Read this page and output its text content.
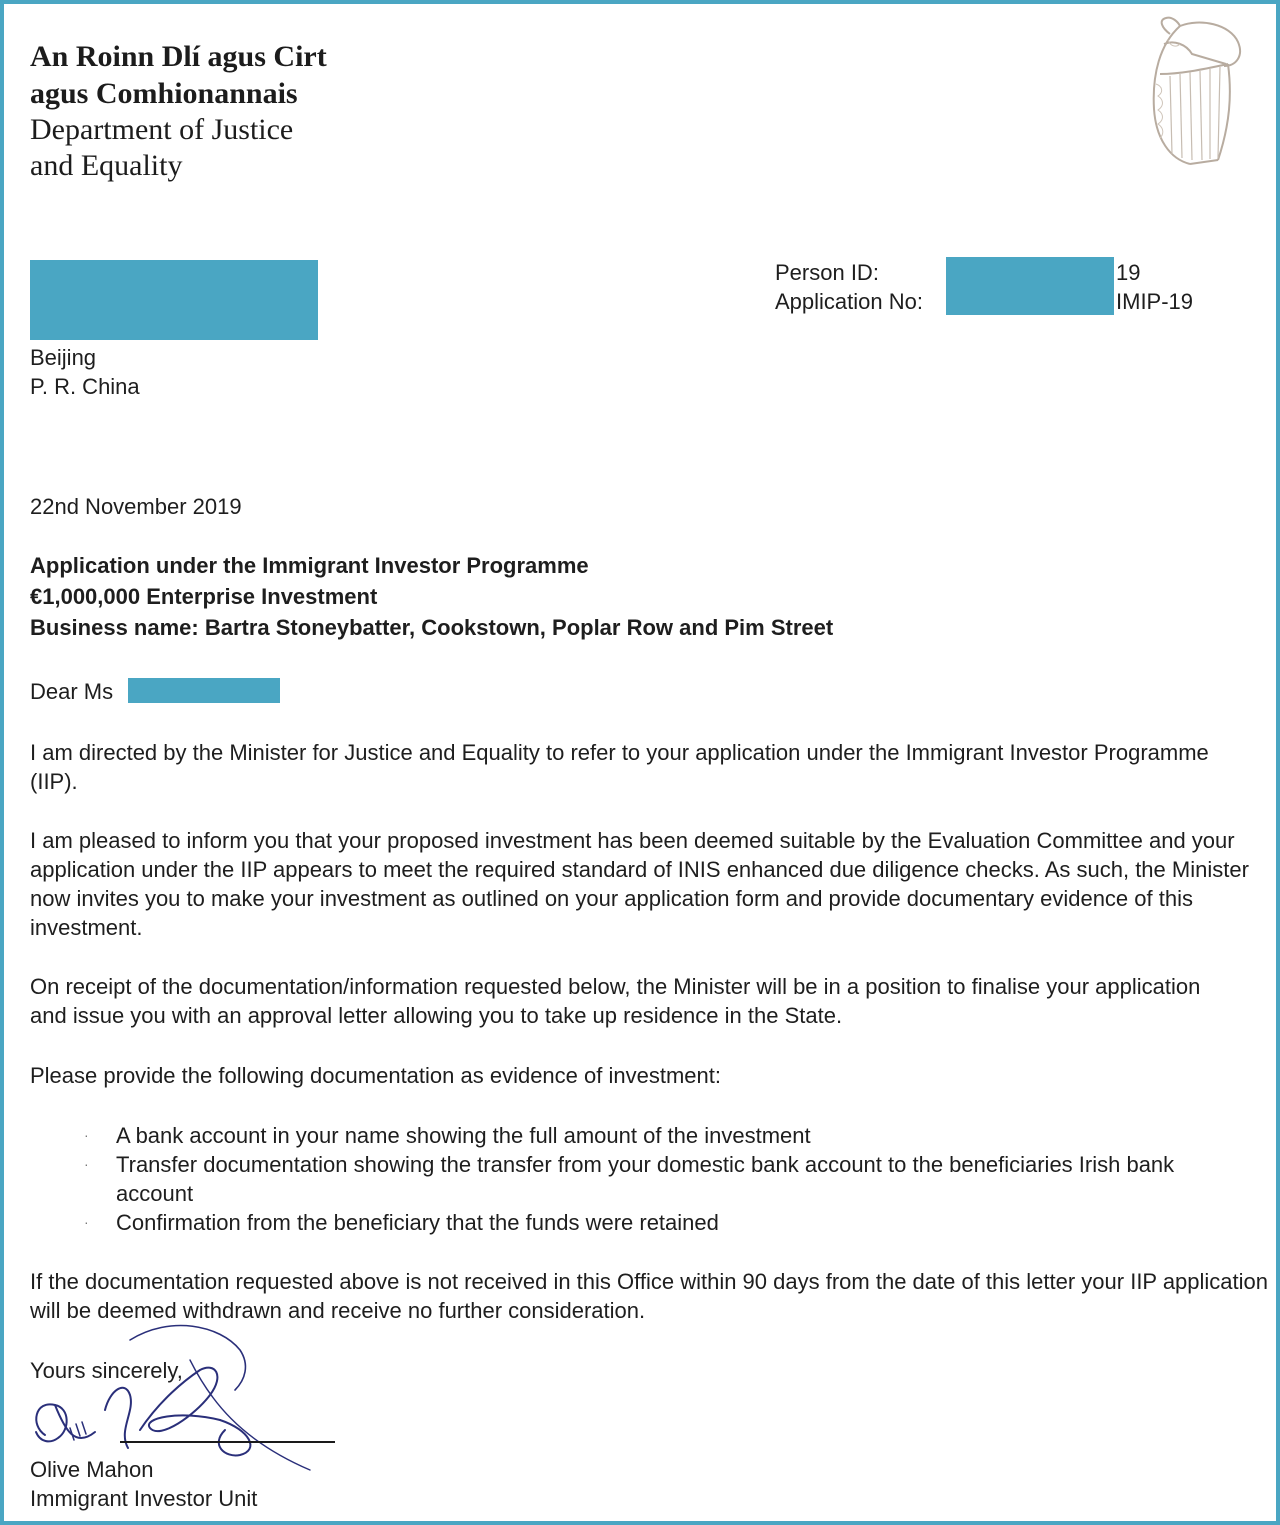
An Roinn Dlí agus Cirt
agus Comhionannais
Department of Justice
and Equality
Beijing
P. R. China
Person ID:
Application No:
19
IMIP-19
22nd November 2019
Application under the Immigrant Investor Programme
€1,000,000 Enterprise Investment
Business name: Bartra Stoneybatter, Cookstown, Poplar Row and Pim Street
Dear Ms

I am directed by the Minister for Justice and Equality to refer to your application under the Immigrant Investor Programme (IIP).

I am pleased to inform you that your proposed investment has been deemed suitable by the Evaluation Committee and your application under the IIP appears to meet the required standard of INIS enhanced due diligence checks. As such, the Minister now invites you to make your investment as outlined on your application form and provide documentary evidence of this investment.

On receipt of the documentation/information requested below, the Minister will be in a position to finalise your application and issue you with an approval letter allowing you to take up residence in the State.

Please provide the following documentation as evidence of investment:

· A bank account in your name showing the full amount of the investment
· Transfer documentation showing the transfer from your domestic bank account to the beneficiaries Irish bank account
· Confirmation from the beneficiary that the funds were retained

If the documentation requested above is not received in this Office within 90 days from the date of this letter your IIP application will be deemed withdrawn and receive no further consideration.

Yours sincerely,
Olive Mahon
Immigrant Investor Unit
